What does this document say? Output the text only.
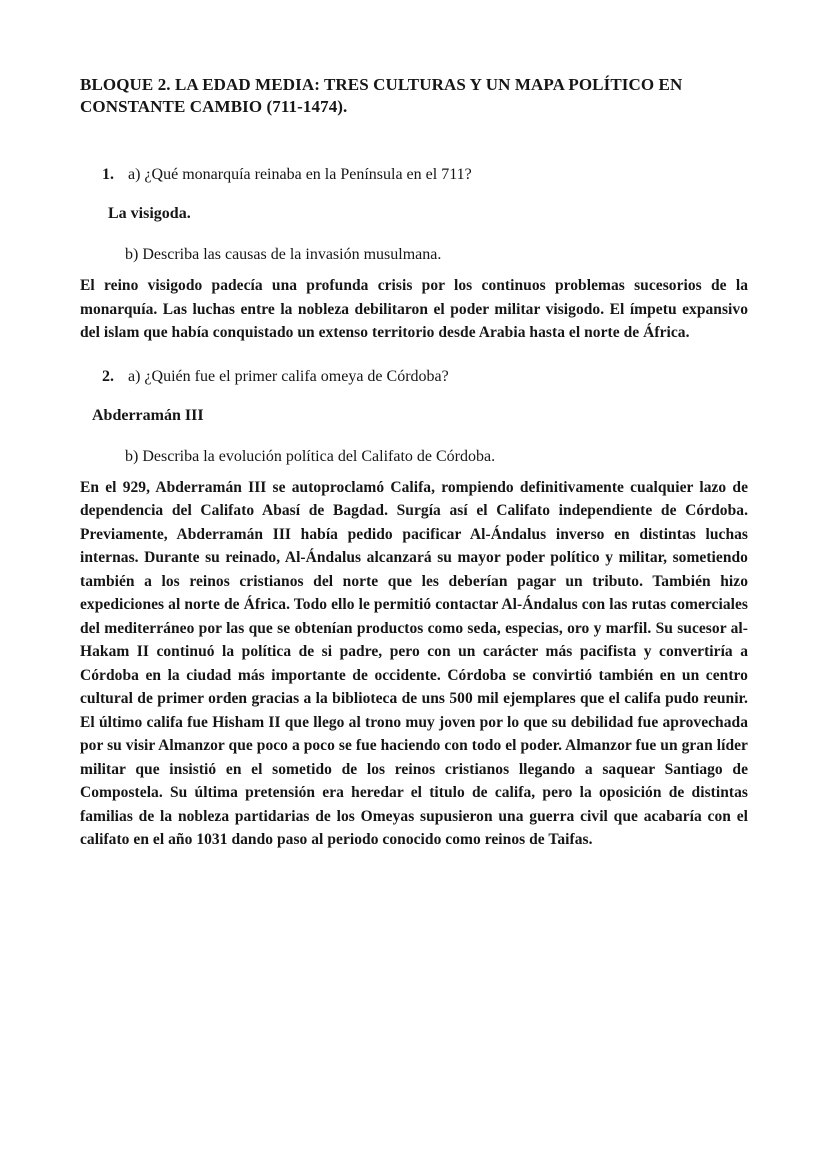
BLOQUE 2. LA EDAD MEDIA: TRES CULTURAS Y UN MAPA POLÍTICO EN
CONSTANTE CAMBIO (711-1474).
1. a) ¿Qué monarquía reinaba en la Península en el 711?

La visigoda.

b) Describa las causas de la invasión musulmana.

El reino visigodo padecía una profunda crisis por los continuos problemas sucesorios de la monarquía. Las luchas entre la nobleza debilitaron el poder militar visigodo. El ímpetu expansivo del islam que había conquistado un extenso territorio desde Arabia hasta el norte de África.

2. a) ¿Quién fue el primer califa omeya de Córdoba?

Abderramán III

b) Describa la evolución política del Califato de Córdoba.

En el 929, Abderramán III se autoproclamó Califa, rompiendo definitivamente cualquier lazo de dependencia del Califato Abasí de Bagdad. Surgía así el Califato independiente de Córdoba. Previamente, Abderramán III había pedido pacificar Al-Ándalus inverso en distintas luchas internas. Durante su reinado, Al-Ándalus alcanzará su mayor poder político y militar, sometiendo también a los reinos cristianos del norte que les deberían pagar un tributo. También hizo expediciones al norte de África. Todo ello le permitió contactar Al-Ándalus con las rutas comerciales del mediterráneo por las que se obtenían productos como seda, especias, oro y marfil. Su sucesor al-Hakam II continuó la política de si padre, pero con un carácter más pacifista y convertiría a Córdoba en la ciudad más importante de occidente. Córdoba se convirtió también en un centro cultural de primer orden gracias a la biblioteca de uns 500 mil ejemplares que el califa pudo reunir. El último califa fue Hisham II que llego al trono muy joven por lo que su debilidad fue aprovechada por su visir Almanzor que poco a poco se fue haciendo con todo el poder. Almanzor fue un gran líder militar que insistió en el sometido de los reinos cristianos llegando a saquear Santiago de Compostela. Su última pretensión era heredar el titulo de califa, pero la oposición de distintas familias de la nobleza partidarias de los Omeyas supusieron una guerra civil que acabaría con el califato en el año 1031 dando paso al periodo conocido como reinos de Taifas.
